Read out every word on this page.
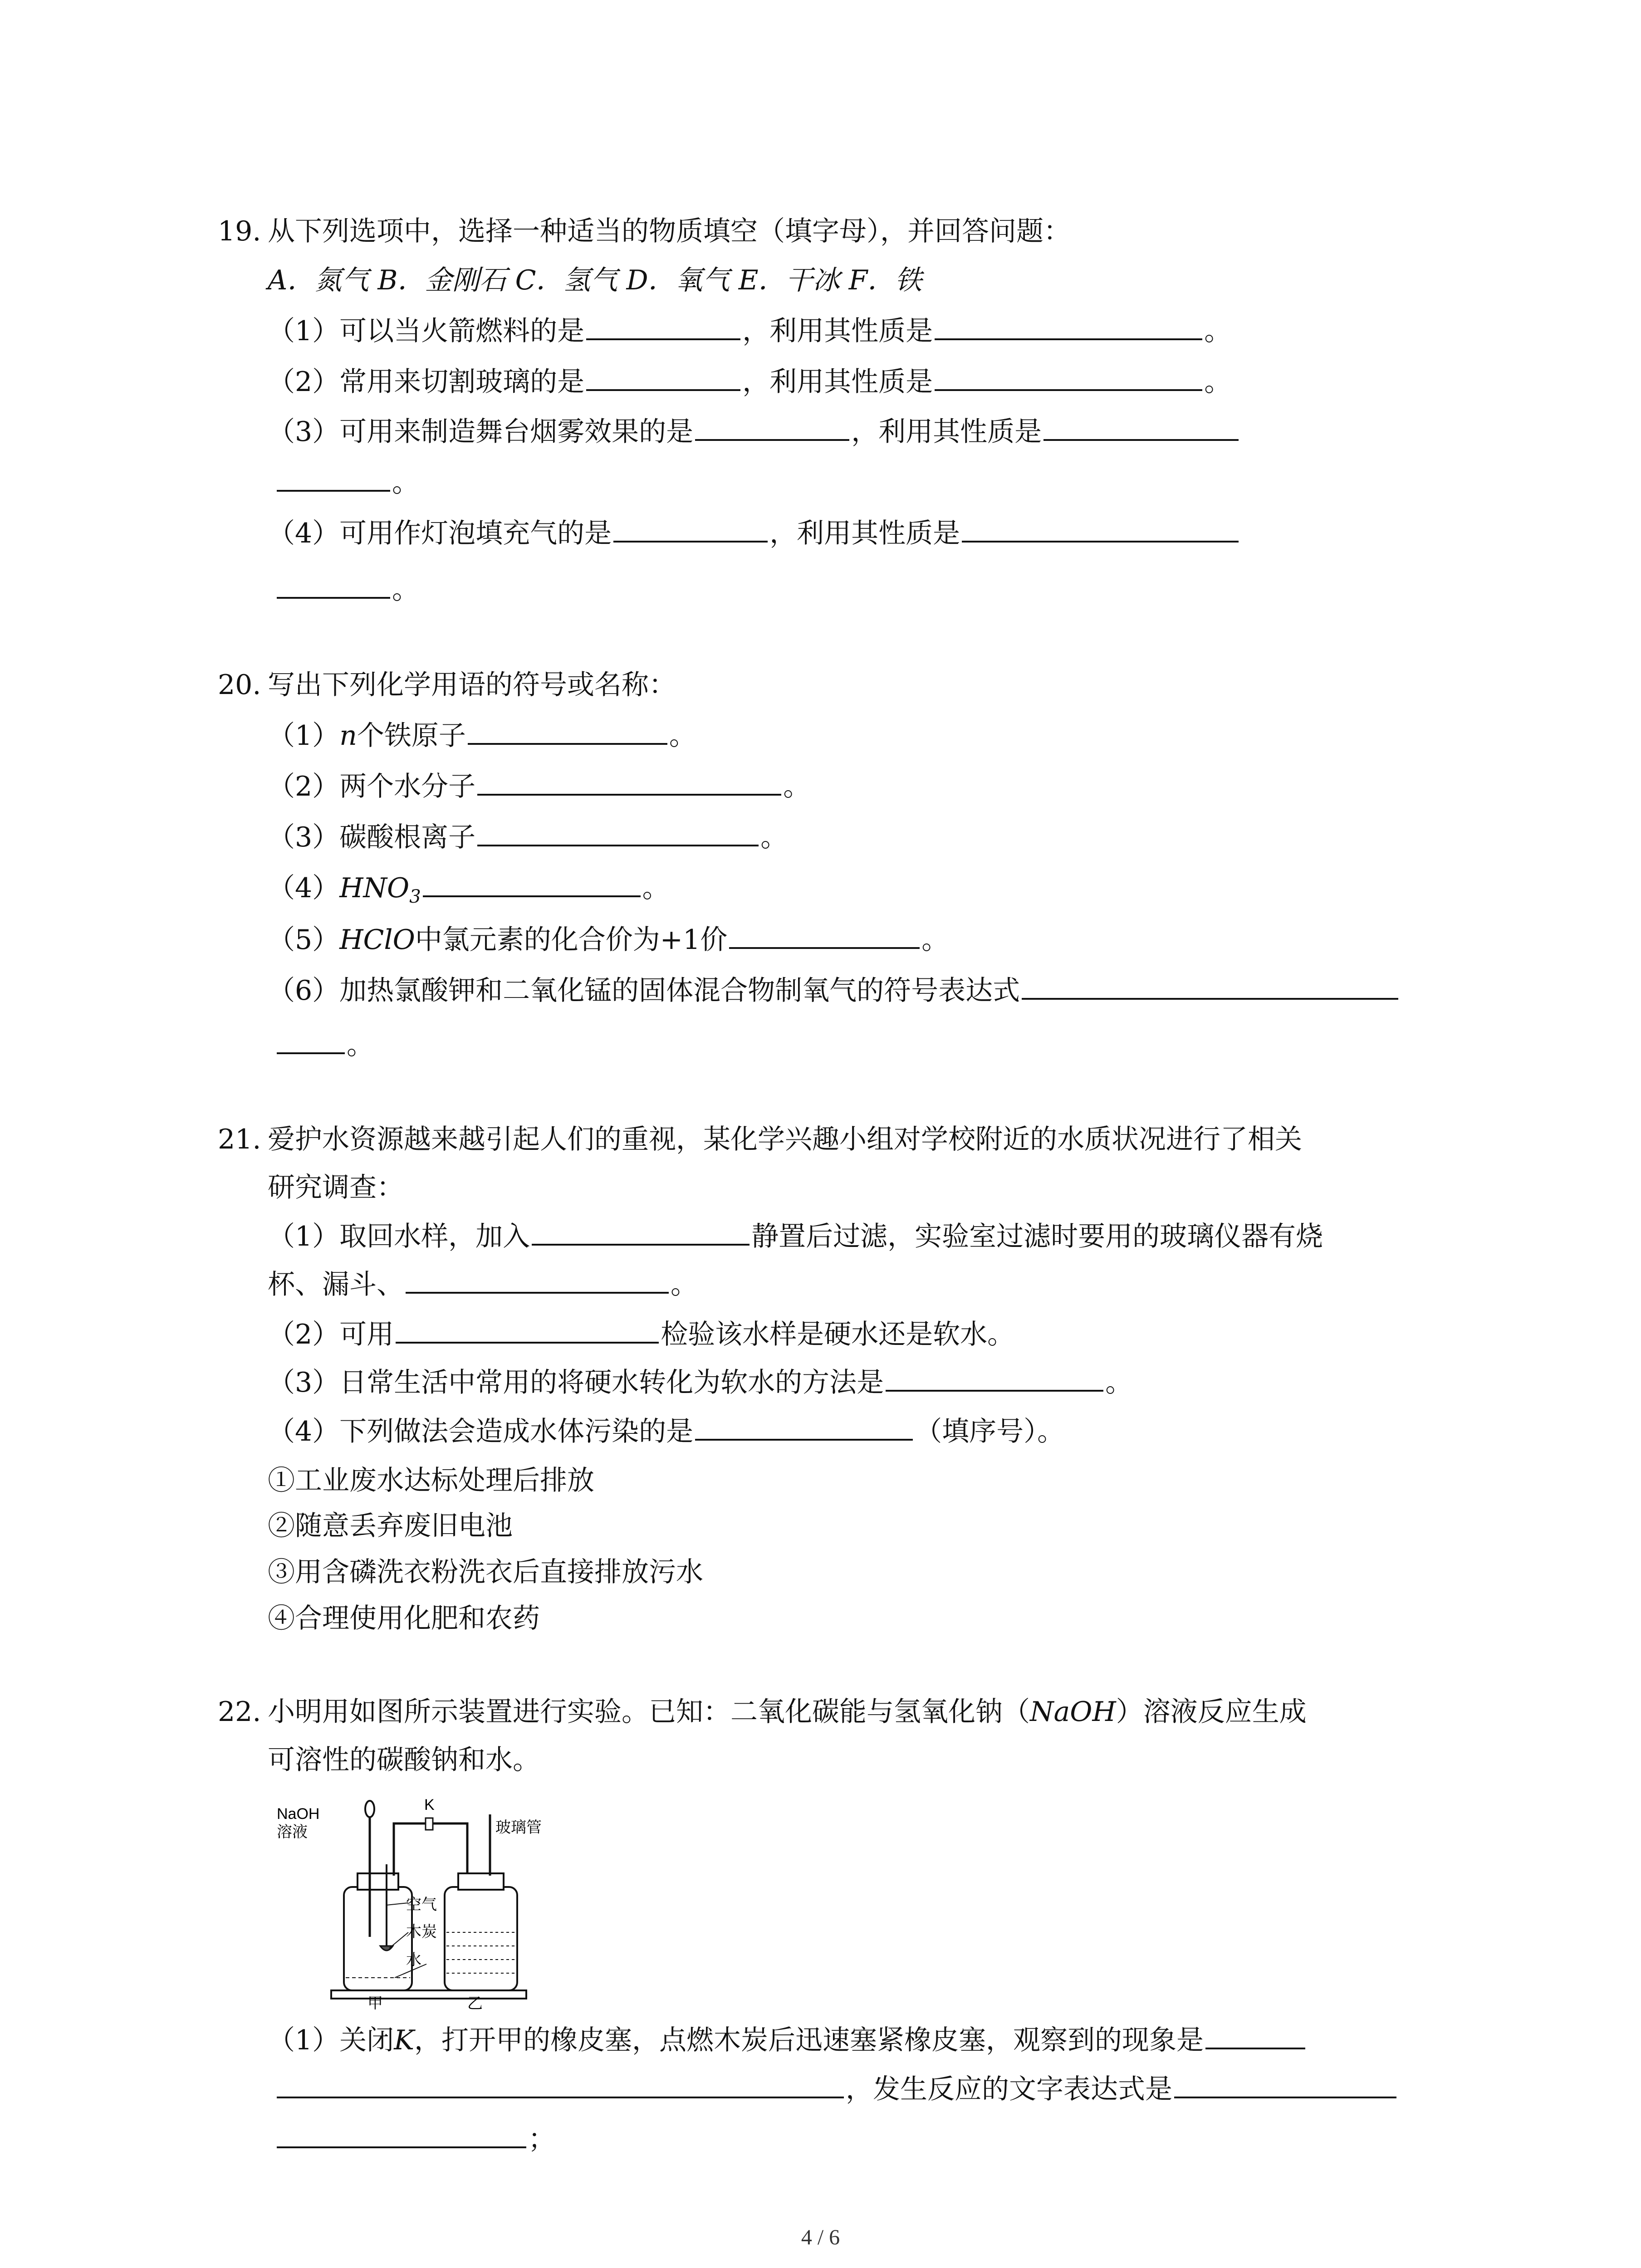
19. 从下列选项中，选择一种适当的物质填空（填字母），并回答问题：
A．氮气 B．金刚石 C．氢气 D．氧气 E．干冰 F．铁
（1）可以当火箭燃料的是	，利用其性质是	。
（2）常用来切割玻璃的是	，利用其性质是	。
（3）可用来制造舞台烟雾效果的是	，利用其性质是
。
（4）可用作灯泡填充气的是	，利用其性质是
。
20. 写出下列化学用语的符号或名称：
（1）n个铁原子	。
（2）两个水分子	。
（3）碳酸根离子	。
$(4)HNO_3$	。
（5）HClO中氯元素的化合价为+1价	。
（6）加热氯酸钾和二氧化锰的固体混合物制氧气的符号表达式
。
21. 爱护水资源越来越引起人们的重视，某化学兴趣小组对学校附近的水质状况进行了相关
研究调查：
（1）取回水样，加入	静置后过滤，实验室过滤时要用的玻璃仪器有烧
杯、漏斗、	。
（2）可用	检验该水样是硬水还是软水。
（3）日常生活中常用的将硬水转化为软水的方法是	。
（4）下列做法会造成水体污染的是	（填序号）。
①工业废水达标处理后排放
②随意丢弃废旧电池
③用含磷洗衣粉洗衣后直接排放污水
④合理使用化肥和农药
22. 小明用如图所示装置进行实验。已知：二氧化碳能与氢氧化钠（NaOH）溶液反应生成
可溶性的碳酸钠和水。
NaOH
溶液
K
玻璃管
空气
木炭
水
甲	乙
（1）关闭K，打开甲的橡皮塞，点燃木炭后迅速塞紧橡皮塞，观察到的现象是
，发生反应的文字表达式是
；
4 / 6
